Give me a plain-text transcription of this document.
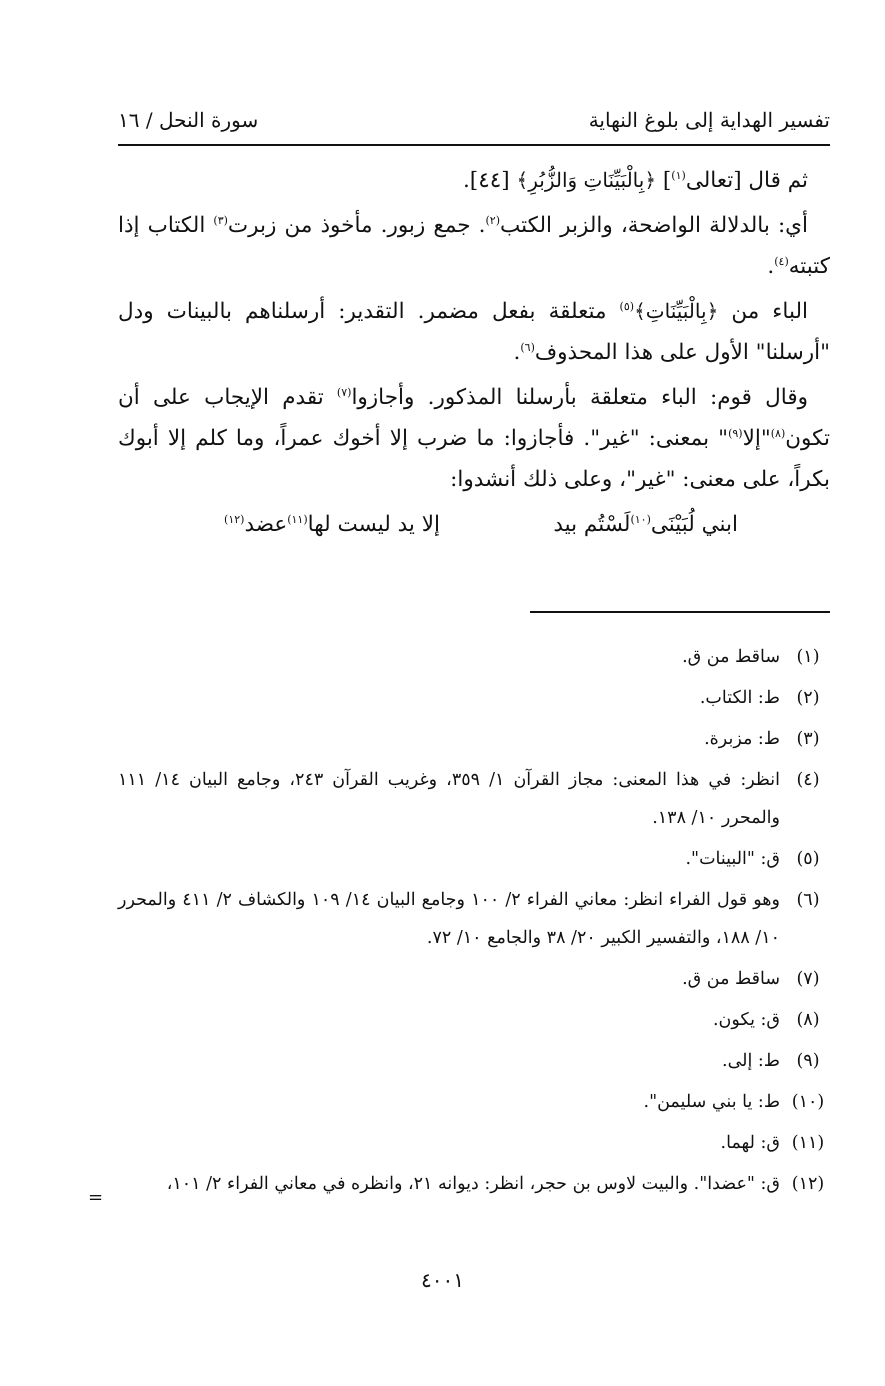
تفسير الهداية إلى بلوغ النهاية
سورة النحل / ١٦

ثم قال [تعالى$^{(١)}$] ﴿بِالْبَيِّنَاتِ وَالزُّبُرِ﴾ [٤٤].

أي: بالدلالة الواضحة، والزبر الكتب$^{(٢)}$. جمع زبور. مأخوذ من زبرت$^{(٣)}$ الكتاب إذا كتبته$^{(٤)}$.

الباء من ﴿بِالْبَيِّنَاتِ﴾$^{(٥)}$ متعلقة بفعل مضمر. التقدير: أرسلناهم بالبينات ودل "أرسلنا" الأول على هذا المحذوف$^{(٦)}$.

وقال قوم: الباء متعلقة بأرسلنا المذكور. وأجازوا$^{(٧)}$ تقدم الإيجاب على أن تكون$^{(٨)}$"إلا$^{(٩)}$" بمعنى: "غير". فأجازوا: ما ضرب إلا أخوك عمراً، وما كلم إلا أبوك بكراً، على معنى: "غير"، وعلى ذلك أنشدوا:

ابني لُبَيْنَى$^{(١٠)}$لَسْتُم بيد
إلا يد ليست لها$^{(١١)}$عضد$^{(١٢)}$
(١)
ساقط من ق.
(٢)
ط: الكتاب.
(٣)
ط: مزبرة.
(٤)
انظر: في هذا المعنى: مجاز القرآن ١/ ٣٥٩، وغريب القرآن ٢٤٣، وجامع البيان ١٤/ ١١١ والمحرر ١٠/ ١٣٨.
(٥)
ق: "البينات".
(٦)
وهو قول الفراء انظر: معاني الفراء ٢/ ١٠٠ وجامع البيان ١٤/ ١٠٩ والكشاف ٢/ ٤١١ والمحرر ١٠/ ١٨٨، والتفسير الكبير ٢٠/ ٣٨ والجامع ١٠/ ٧٢.
(٧)
ساقط من ق.
(٨)
ق: يكون.
(٩)
ط: إلى.
(١٠)
ط: يا بني سليمن".
(١١)
ق: لهما.
(١٢)
ق: "عضدا". والبيت لاوس بن حجر، انظر: ديوانه ٢١، وانظره في معاني الفراء ٢/ ١٠١،
=
٤٠٠١
